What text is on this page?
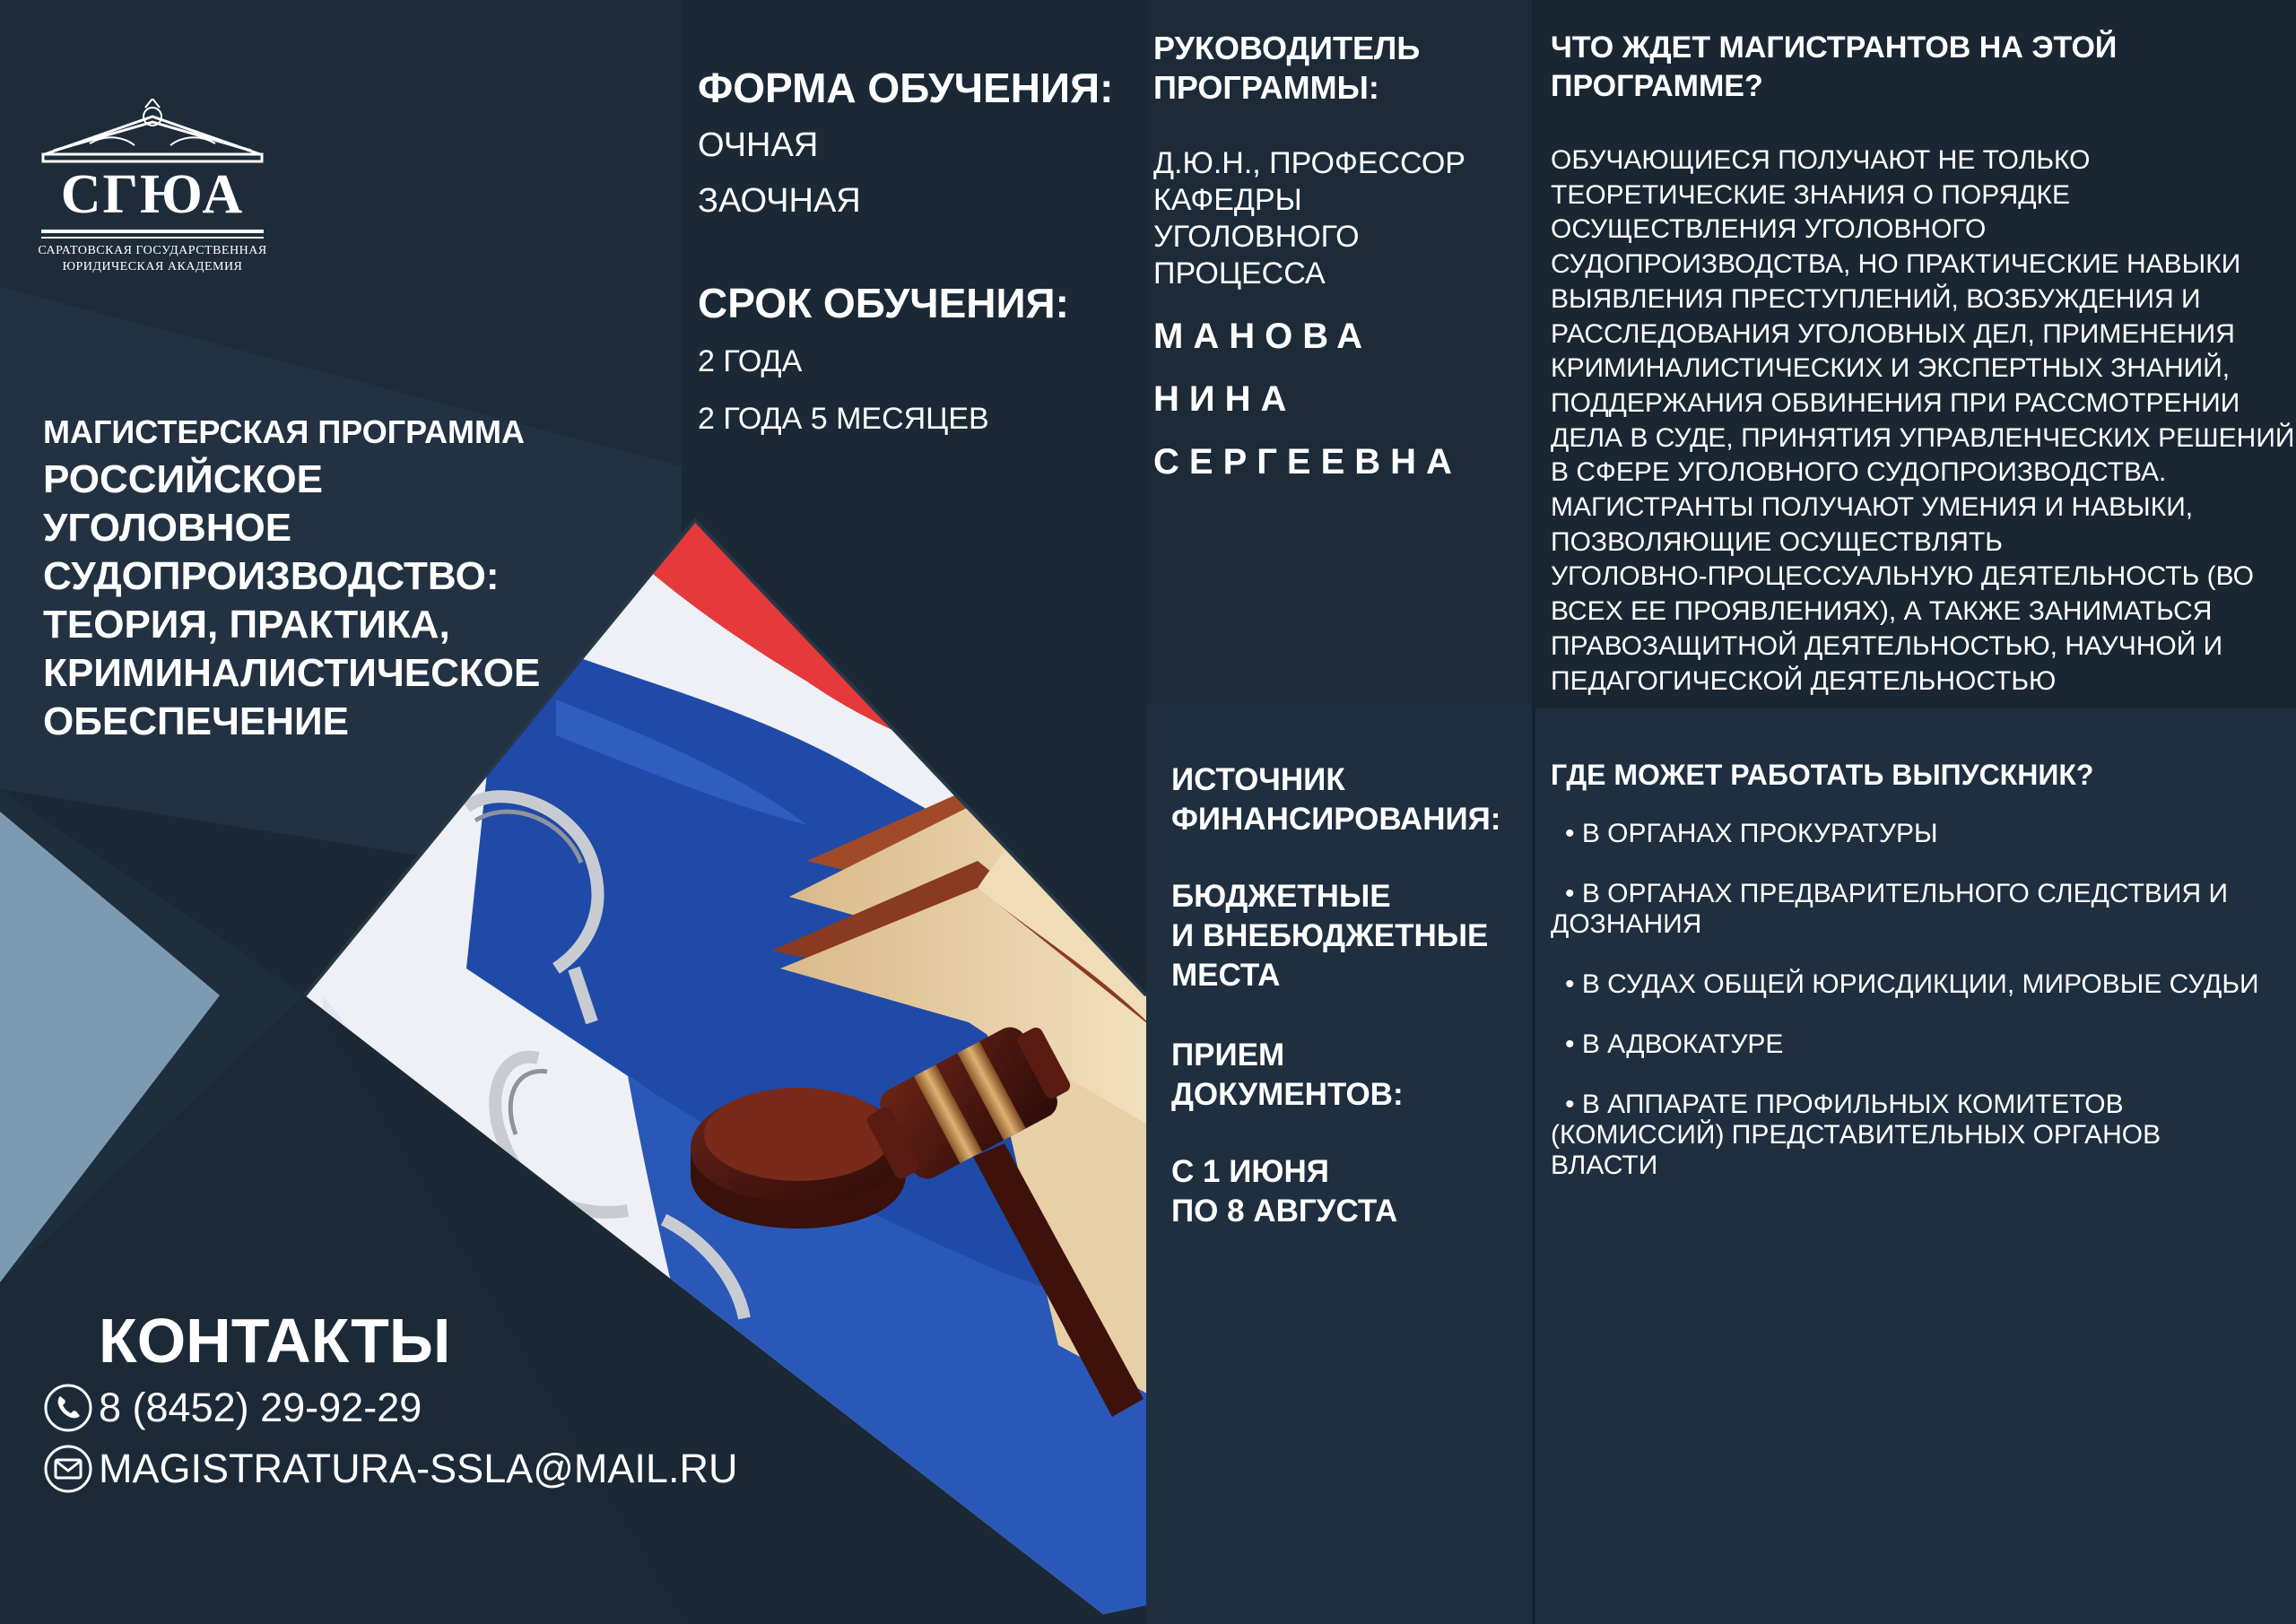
СГЮА
САРАТОВСКАЯ ГОСУДАРСТВЕННАЯ
ЮРИДИЧЕСКАЯ АКАДЕМИЯ
МАГИСТЕРСКАЯ ПРОГРАММА
РОССИЙСКОЕ
УГОЛОВНОЕ
СУДОПРОИЗВОДСТВО:
ТЕОРИЯ, ПРАКТИКА,
КРИМИНАЛИСТИЧЕСКОЕ
ОБЕСПЕЧЕНИЕ
КОНТАКТЫ
8 (8452) 29-92-29
MAGISTRATURA-SSLA@MAIL.RU
ФОРМА ОБУЧЕНИЯ:
ОЧНАЯ
ЗАОЧНАЯ
СРОК ОБУЧЕНИЯ:
2 ГОДА
2 ГОДА 5 МЕСЯЦЕВ
РУКОВОДИТЕЛЬ
ПРОГРАММЫ:
Д.Ю.Н., ПРОФЕССОР
КАФЕДРЫ
УГОЛОВНОГО
ПРОЦЕССА
МАНОВА
НИНА
СЕРГЕЕВНА
ИСТОЧНИК
ФИНАНСИРОВАНИЯ:
БЮДЖЕТНЫЕ
И ВНЕБЮДЖЕТНЫЕ
МЕСТА
ПРИЕМ
ДОКУМЕНТОВ:
С 1 ИЮНЯ
ПО 8 АВГУСТА
ЧТО ЖДЕТ МАГИСТРАНТОВ НА ЭТОЙ
ПРОГРАММЕ?
ОБУЧАЮЩИЕСЯ ПОЛУЧАЮТ НЕ ТОЛЬКО
ТЕОРЕТИЧЕСКИЕ ЗНАНИЯ О ПОРЯДКЕ
ОСУЩЕСТВЛЕНИЯ УГОЛОВНОГО
СУДОПРОИЗВОДСТВА, НО ПРАКТИЧЕСКИЕ НАВЫКИ
ВЫЯВЛЕНИЯ ПРЕСТУПЛЕНИЙ, ВОЗБУЖДЕНИЯ И
РАССЛЕДОВАНИЯ УГОЛОВНЫХ ДЕЛ, ПРИМЕНЕНИЯ
КРИМИНАЛИСТИЧЕСКИХ И ЭКСПЕРТНЫХ ЗНАНИЙ,
ПОДДЕРЖАНИЯ ОБВИНЕНИЯ ПРИ РАССМОТРЕНИИ
ДЕЛА В СУДЕ, ПРИНЯТИЯ УПРАВЛЕНЧЕСКИХ РЕШЕНИЙ
В СФЕРЕ УГОЛОВНОГО СУДОПРОИЗВОДСТВА.
МАГИСТРАНТЫ ПОЛУЧАЮТ УМЕНИЯ И НАВЫКИ,
ПОЗВОЛЯЮЩИЕ ОСУЩЕСТВЛЯТЬ
УГОЛОВНО-ПРОЦЕССУАЛЬНУЮ ДЕЯТЕЛЬНОСТЬ (ВО
ВСЕХ ЕЕ ПРОЯВЛЕНИЯХ), А ТАКЖЕ ЗАНИМАТЬСЯ
ПРАВОЗАЩИТНОЙ ДЕЯТЕЛЬНОСТЬЮ, НАУЧНОЙ И
ПЕДАГОГИЧЕСКОЙ ДЕЯТЕЛЬНОСТЬЮ
ГДЕ МОЖЕТ РАБОТАТЬ ВЫПУСКНИК?
• В ОРГАНАХ ПРОКУРАТУРЫ
• В ОРГАНАХ ПРЕДВАРИТЕЛЬНОГО СЛЕДСТВИЯ И ДОЗНАНИЯ
• В СУДАХ ОБЩЕЙ ЮРИСДИКЦИИ, МИРОВЫЕ СУДЬИ
• В АДВОКАТУРЕ
• В АППАРАТЕ ПРОФИЛЬНЫХ КОМИТЕТОВ (КОМИССИЙ) ПРЕДСТАВИТЕЛЬНЫХ ОРГАНОВ ВЛАСТИ
